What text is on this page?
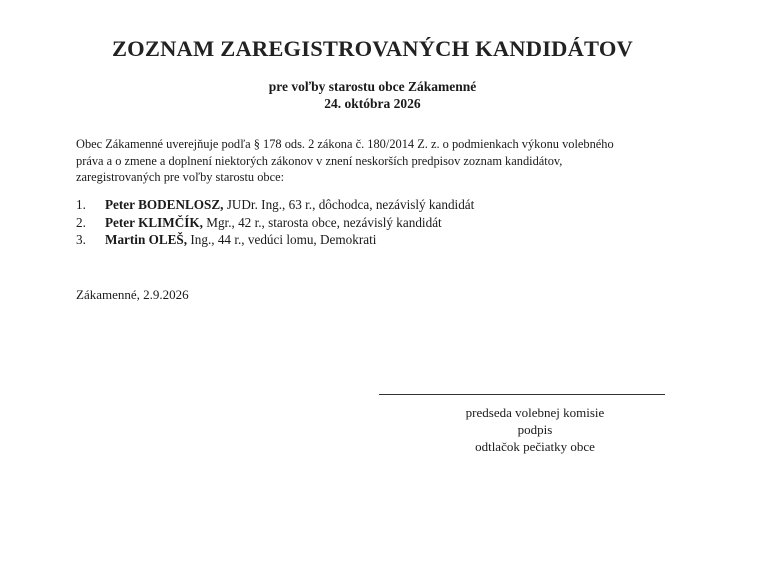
ZOZNAM ZAREGISTROVANÝCH KANDIDÁTOV
pre voľby starostu obce Zákamenné
24. októbra 2026
Obec Zákamenné uverejňuje podľa § 178 ods. 2 zákona č. 180/2014 Z. z. o podmienkach výkonu volebného
práva a o zmene a doplnení niektorých zákonov v znení neskorších predpisov zoznam kandidátov,
zaregistrovaných pre voľby starostu obce:
1.	Peter BODENLOSZ, JUDr. Ing., 63 r., dôchodca, nezávislý kandidát
2.	Peter KLIMČÍK, Mgr., 42 r., starosta obce, nezávislý kandidát
3.	Martin OLEŠ, Ing., 44 r., vedúci lomu, Demokrati
Zákamenné, 2.9.2026
predseda volebnej komisie
podpis
odtlačok pečiatky obce
